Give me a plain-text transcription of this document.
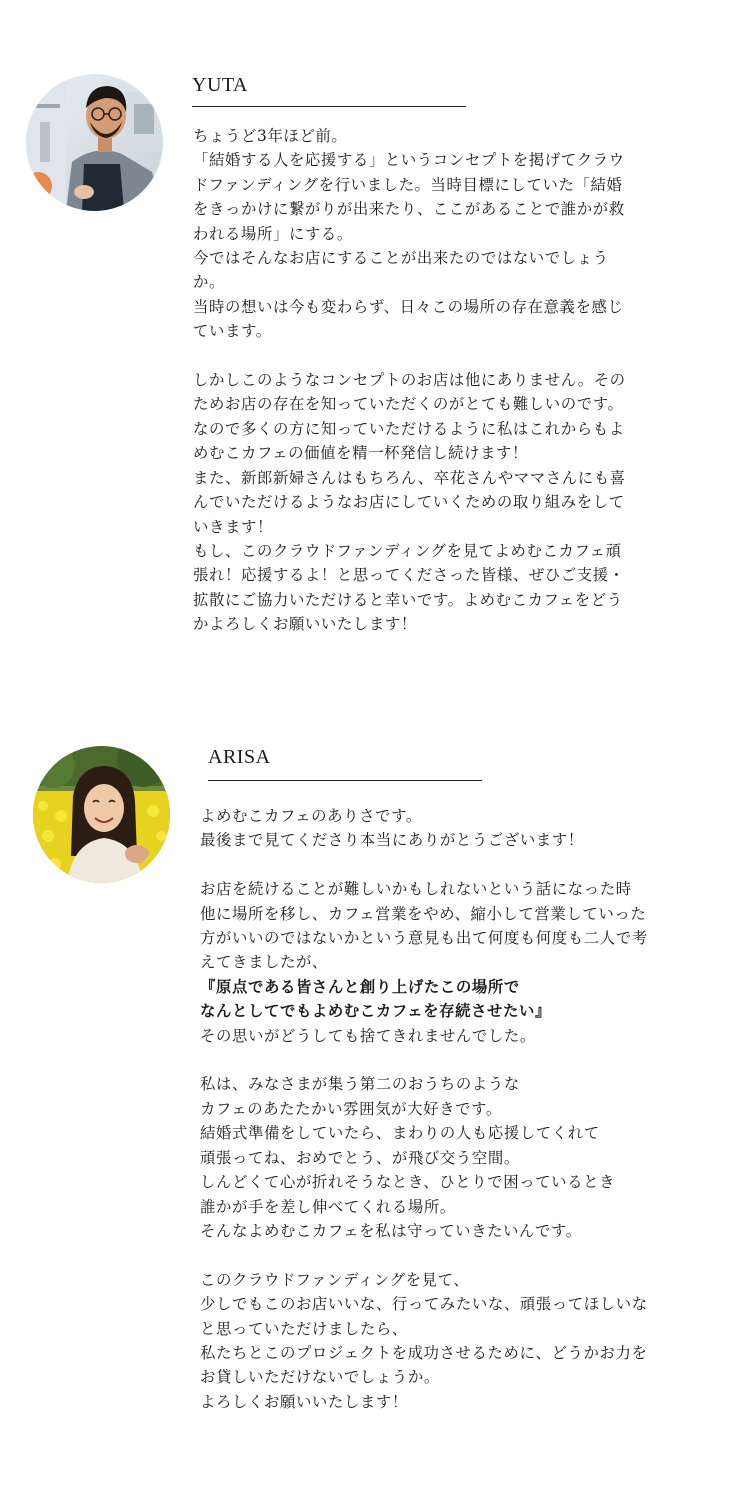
YUTA
ちょうど3年ほど前。
「結婚する人を応援する」というコンセプトを掲げてクラウ
ドファンディングを行いました。当時目標にしていた「結婚
をきっかけに繋がりが出来たり、ここがあることで誰かが救
われる場所」にする。
今ではそんなお店にすることが出来たのではないでしょう
か。
当時の想いは今も変わらず、日々この場所の存在意義を感じ
ています。

しかしこのようなコンセプトのお店は他にありません。その
ためお店の存在を知っていただくのがとても難しいのです。
なので多くの方に知っていただけるように私はこれからもよ
めむこカフェの価値を精一杯発信し続けます！
また、新郎新婦さんはもちろん、卒花さんやママさんにも喜
んでいただけるようなお店にしていくための取り組みをして
いきます！
もし、このクラウドファンディングを見てよめむこカフェ頑
張れ！応援するよ！と思ってくださった皆様、ぜひご支援・
拡散にご協力いただけると幸いです。よめむこカフェをどう
かよろしくお願いいたします！
ARISA
よめむこカフェのありさです。
最後まで見てくださり本当にありがとうございます！

お店を続けることが難しいかもしれないという話になった時
他に場所を移し、カフェ営業をやめ、縮小して営業していった
方がいいのではないかという意見も出て何度も何度も二人で考
えてきましたが、
『原点である皆さんと創り上げたこの場所で
なんとしてでもよめむこカフェを存続させたい』
その思いがどうしても捨てきれませんでした。

私は、みなさまが集う第二のおうちのような
カフェのあたたかい雰囲気が大好きです。
結婚式準備をしていたら、まわりの人も応援してくれて
頑張ってね、おめでとう、が飛び交う空間。
しんどくて心が折れそうなとき、ひとりで困っているとき
誰かが手を差し伸べてくれる場所。
そんなよめむこカフェを私は守っていきたいんです。

このクラウドファンディングを見て、
少しでもこのお店いいな、行ってみたいな、頑張ってほしいな
と思っていただけましたら、
私たちとこのプロジェクトを成功させるために、どうかお力を
お貸しいただけないでしょうか。
よろしくお願いいたします！
